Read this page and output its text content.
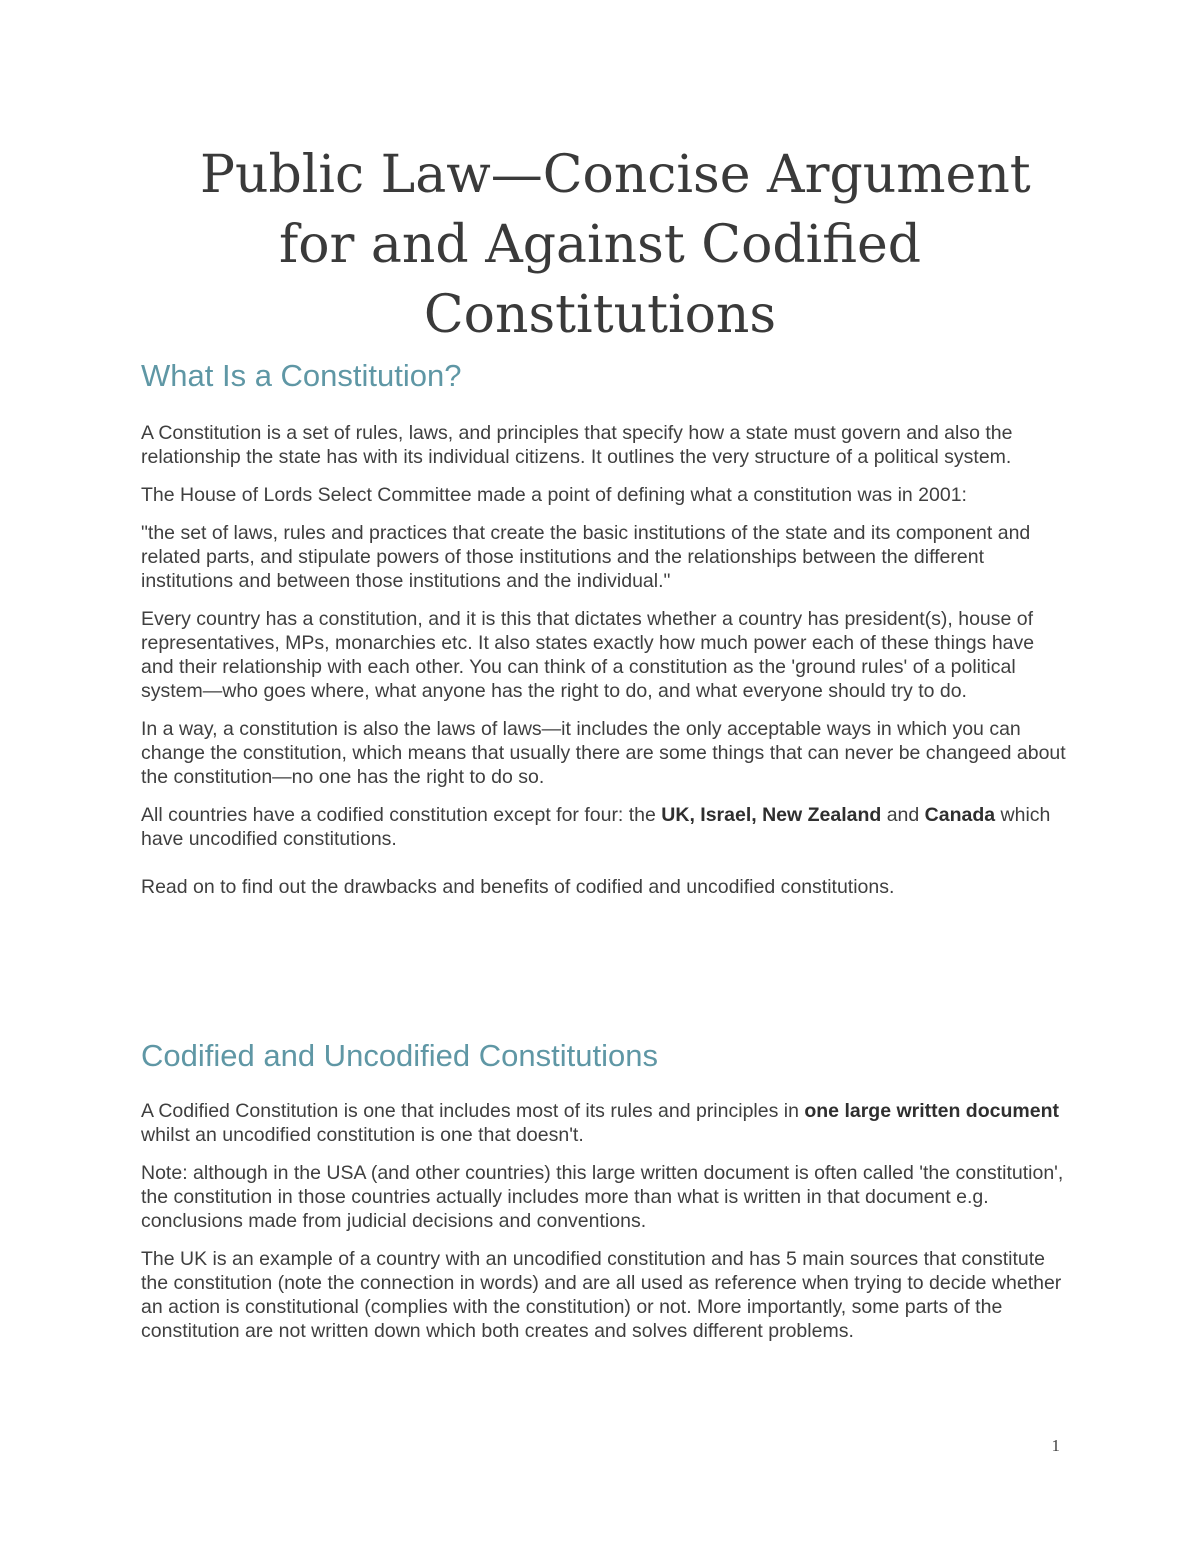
Public Law—Concise Argument
for and Against Codified
Constitutions
What Is a Constitution?

A Constitution is a set of rules, laws, and principles that specify how a state must govern and also the relationship the state has with its individual citizens. It outlines the very structure of a political system.

The House of Lords Select Committee made a point of defining what a constitution was in 2001:

"the set of laws, rules and practices that create the basic institutions of the state and its component and related parts, and stipulate powers of those institutions and the relationships between the different institutions and between those institutions and the individual."

Every country has a constitution, and it is this that dictates whether a country has president(s), house of representatives, MPs, monarchies etc. It also states exactly how much power each of these things have and their relationship with each other. You can think of a constitution as the 'ground rules' of a political system—who goes where, what anyone has the right to do, and what everyone should try to do.

In a way, a constitution is also the laws of laws—it includes the only acceptable ways in which you can change the constitution, which means that usually there are some things that can never be changeed about the constitution—no one has the right to do so.

All countries have a codified constitution except for four: the UK, Israel, New Zealand and Canada which have uncodified constitutions.

Read on to find out the drawbacks and benefits of codified and uncodified constitutions.

Codified and Uncodified Constitutions

A Codified Constitution is one that includes most of its rules and principles in one large written document whilst an uncodified constitution is one that doesn't.

Note: although in the USA (and other countries) this large written document is often called 'the constitution', the constitution in those countries actually includes more than what is written in that document e.g. conclusions made from judicial decisions and conventions.

The UK is an example of a country with an uncodified constitution and has 5 main sources that constitute the constitution (note the connection in words) and are all used as reference when trying to decide whether an action is constitutional (complies with the constitution) or not. More importantly, some parts of the constitution are not written down which both creates and solves different problems.

1
